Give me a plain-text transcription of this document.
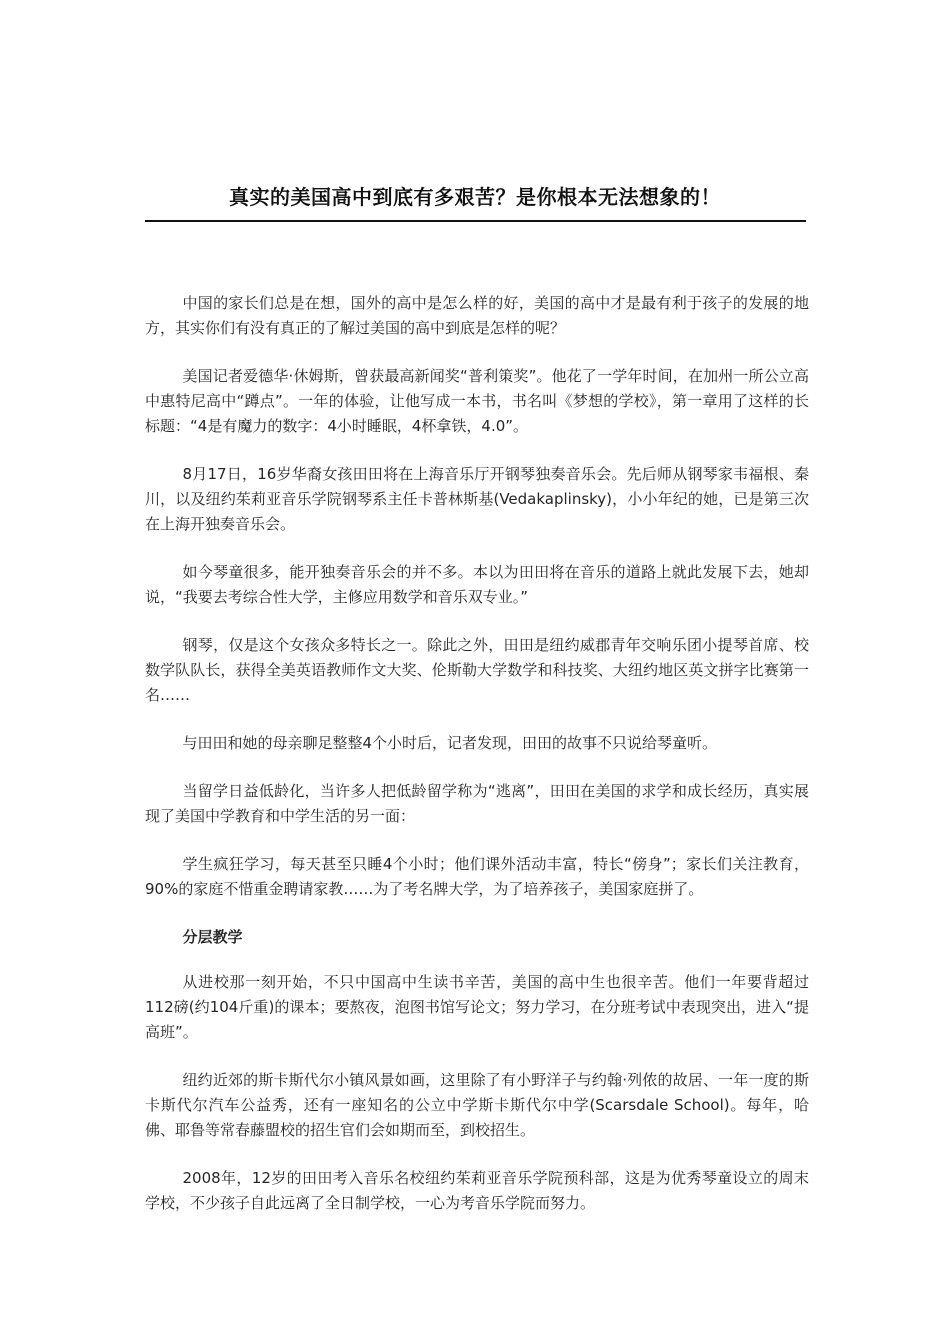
真实的美国高中到底有多艰苦？是你根本无法想象的！

中国的家长们总是在想，国外的高中是怎么样的好，美国的高中才是最有利于孩子的发展的地方，其实你们有没有真正的了解过美国的高中到底是怎样的呢？

美国记者爱德华·休姆斯，曾获最高新闻奖“普利策奖”。他花了一学年时间，在加州一所公立高中惠特尼高中“蹲点”。一年的体验，让他写成一本书，书名叫《梦想的学校》，第一章用了这样的长标题：“4是有魔力的数字：4小时睡眠，4杯拿铁，4.0”。

8月17日，16岁华裔女孩田田将在上海音乐厅开钢琴独奏音乐会。先后师从钢琴家韦福根、秦川，以及纽约茱莉亚音乐学院钢琴系主任卡普林斯基(Vedakaplinsky)，小小年纪的她，已是第三次在上海开独奏音乐会。

如今琴童很多，能开独奏音乐会的并不多。本以为田田将在音乐的道路上就此发展下去，她却说，“我要去考综合性大学，主修应用数学和音乐双专业。”

钢琴，仅是这个女孩众多特长之一。除此之外，田田是纽约威郡青年交响乐团小提琴首席、校数学队队长，获得全美英语教师作文大奖、伦斯勒大学数学和科技奖、大纽约地区英文拼字比赛第一名……

与田田和她的母亲聊足整整4个小时后，记者发现，田田的故事不只说给琴童听。

当留学日益低龄化，当许多人把低龄留学称为“逃离”，田田在美国的求学和成长经历，真实展现了美国中学教育和中学生活的另一面：

学生疯狂学习，每天甚至只睡4个小时；他们课外活动丰富，特长“傍身”；家长们关注教育，90%的家庭不惜重金聘请家教……为了考名牌大学，为了培养孩子，美国家庭拼了。

分层教学

从进校那一刻开始，不只中国高中生读书辛苦，美国的高中生也很辛苦。他们一年要背超过112磅(约104斤重)的课本；要熬夜，泡图书馆写论文；努力学习，在分班考试中表现突出，进入“提高班”。

纽约近郊的斯卡斯代尔小镇风景如画，这里除了有小野洋子与约翰·列侬的故居、一年一度的斯卡斯代尔汽车公益秀，还有一座知名的公立中学斯卡斯代尔中学(Scarsdale School)。每年，哈佛、耶鲁等常春藤盟校的招生官们会如期而至，到校招生。

2008年，12岁的田田考入音乐名校纽约茱莉亚音乐学院预科部，这是为优秀琴童设立的周末学校，不少孩子自此远离了全日制学校，一心为考音乐学院而努力。
